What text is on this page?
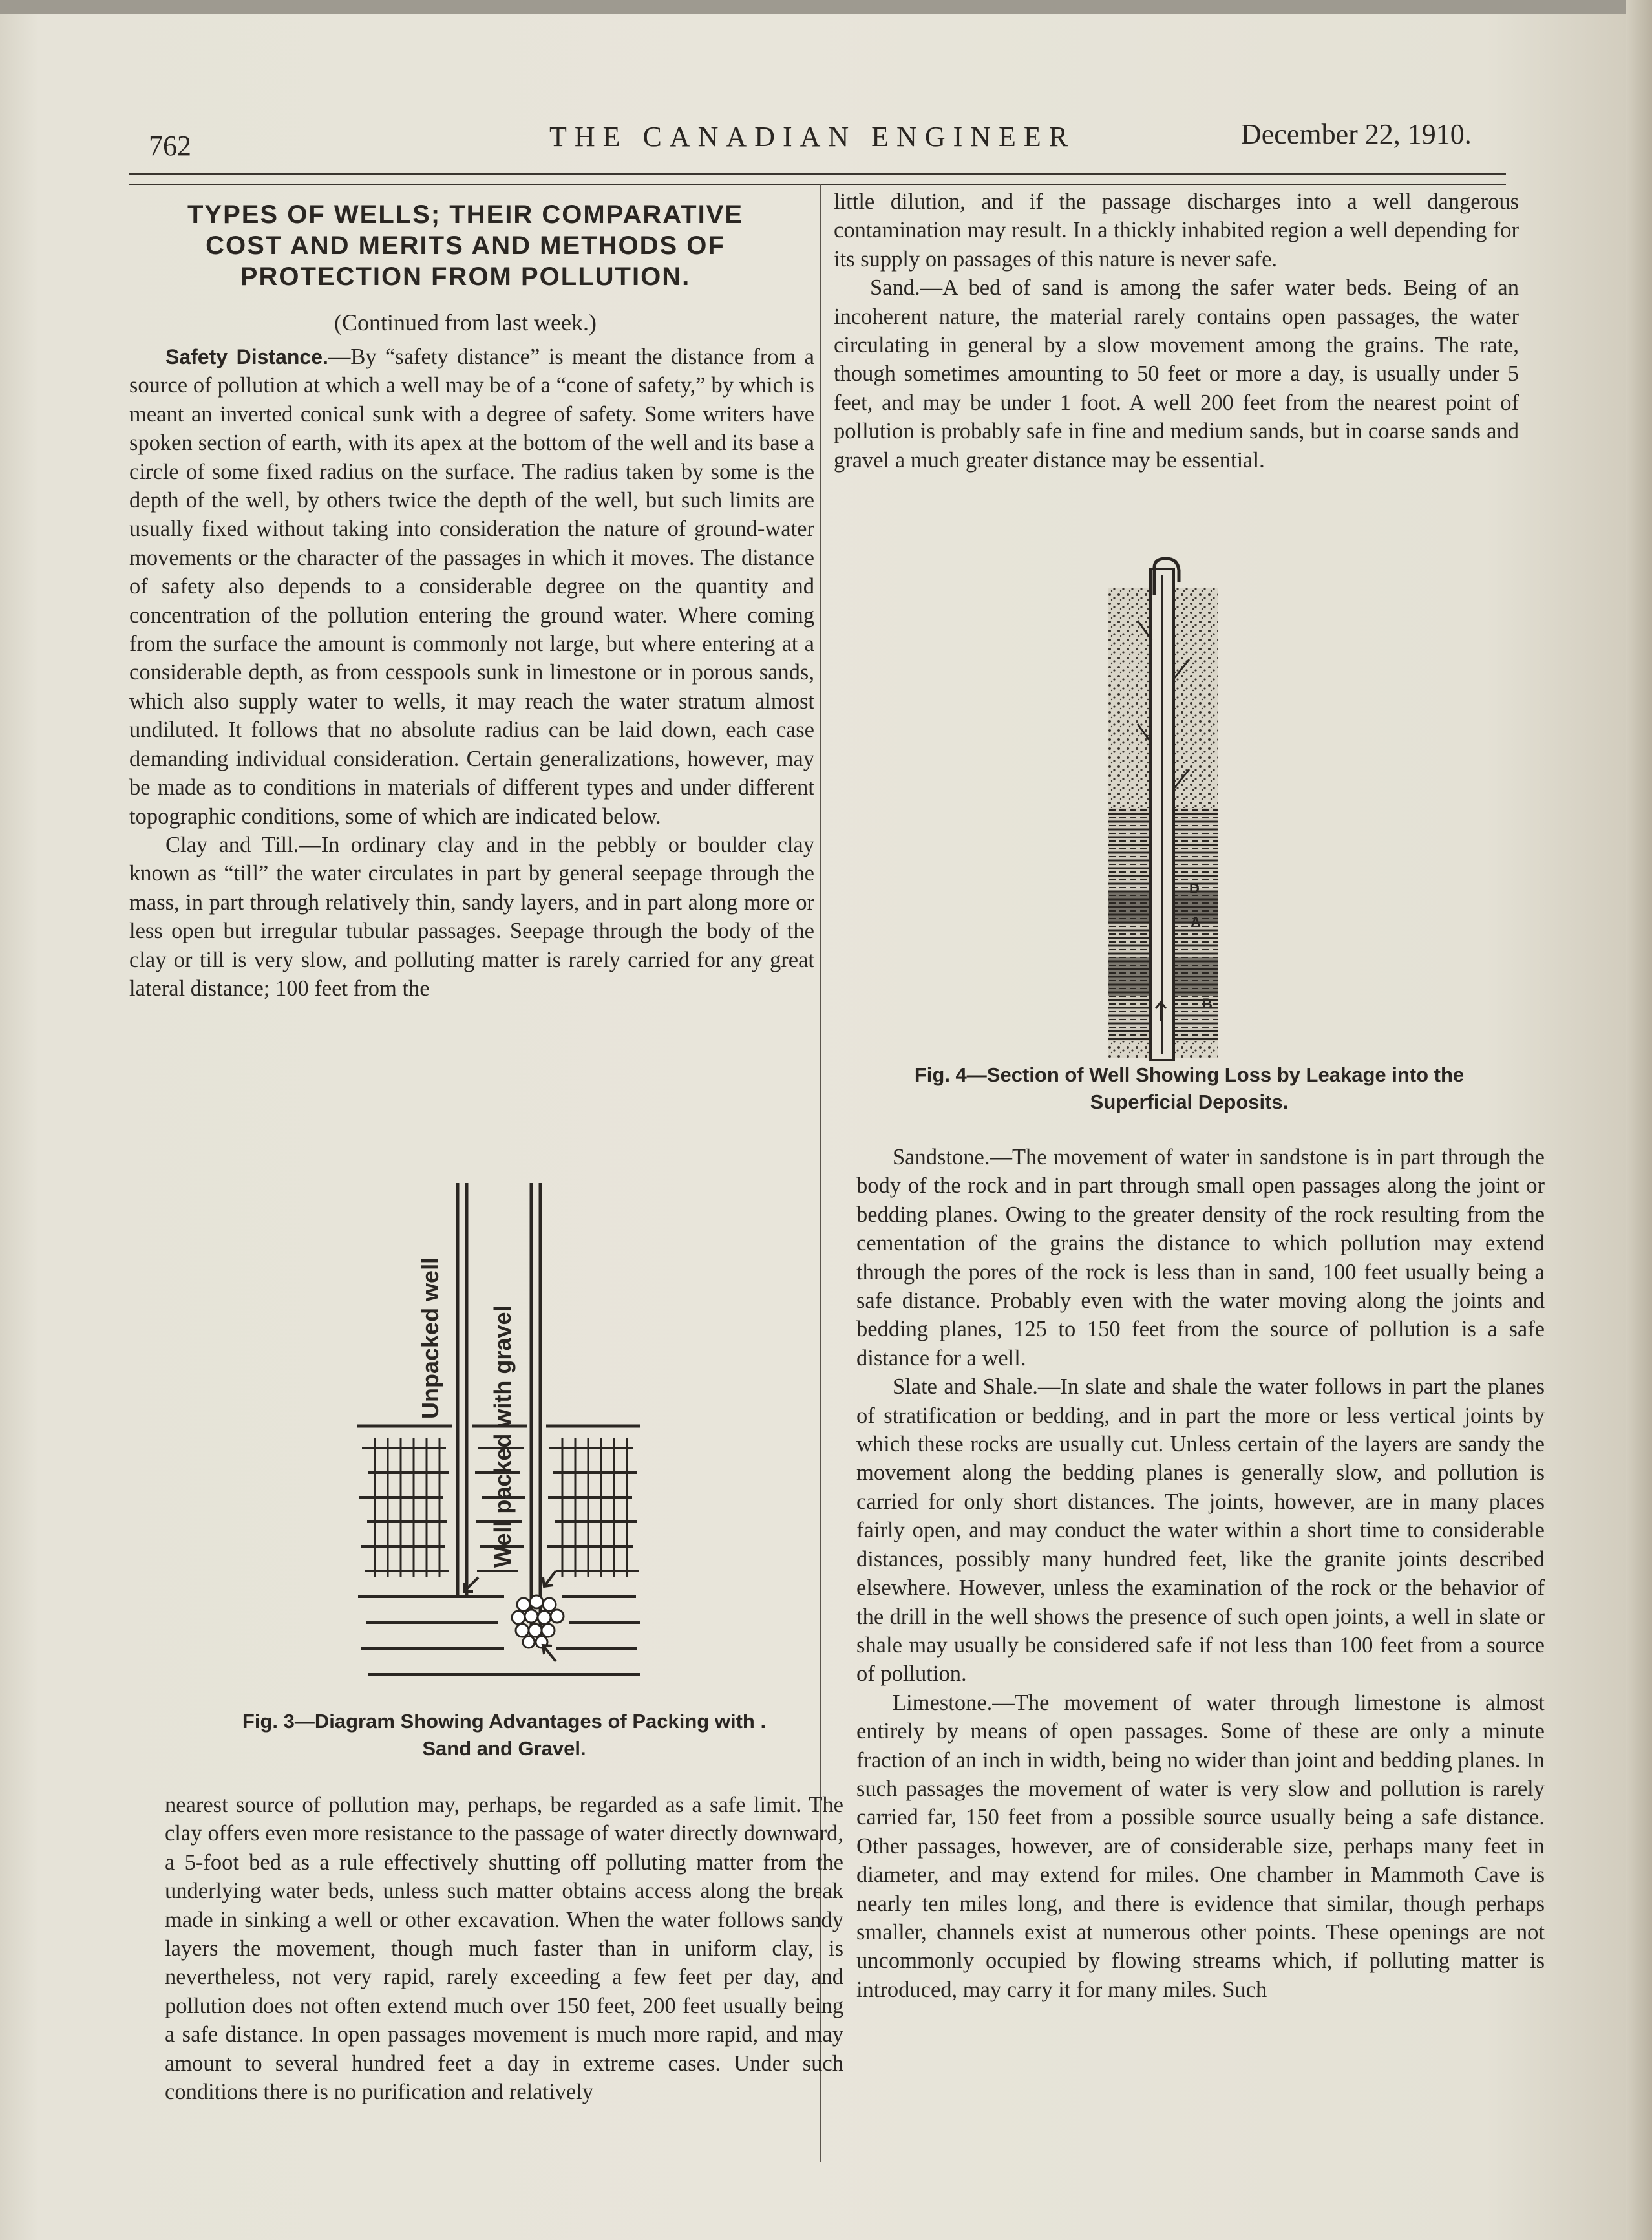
762	THE CANADIAN ENGINEER	December 22, 1910.
TYPES OF WELLS; THEIR COMPARATIVE
COST AND MERITS AND METHODS OF
PROTECTION FROM POLLUTION.
(Continued from last week.)

Safety Distance.—By “safety distance” is meant the distance from a source of pollution at which a well may be of a “cone of safety,” by which is meant an inverted conical sunk with a degree of safety. Some writers have spoken section of earth, with its apex at the bottom of the well and its base a circle of some fixed radius on the surface. The radius taken by some is the depth of the well, by others twice the depth of the well, but such limits are usually fixed without taking into consideration the nature of ground-water movements or the character of the passages in which it moves. The distance of safety also depends to a considerable degree on the quantity and concentration of the pollution entering the ground water. Where coming from the surface the amount is commonly not large, but where entering at a considerable depth, as from cesspools sunk in limestone or in porous sands, which also supply water to wells, it may reach the water stratum almost undiluted. It follows that no absolute radius can be laid down, each case demanding individual consideration. Certain generalizations, however, may be made as to conditions in materials of different types and under different topographic conditions, some of which are indicated below.

Clay and Till.—In ordinary clay and in the pebbly or boulder clay known as “till” the water circulates in part by general seepage through the mass, in part through relatively thin, sandy layers, and in part along more or less open but irregular tubular passages. Seepage through the body of the clay or till is very slow, and polluting matter is rarely carried for any great lateral distance; 100 feet from the

Unpacked well Well packed with gravel
Fig. 3—Diagram Showing Advantages of Packing with .
Sand and Gravel.

nearest source of pollution may, perhaps, be regarded as a safe limit. The clay offers even more resistance to the passage of water directly downward, a 5-foot bed as a rule effectively shutting off polluting matter from the underlying water beds, unless such matter obtains access along the break made in sinking a well or other excavation. When the water follows sandy layers the movement, though much faster than in uniform clay, is nevertheless, not very rapid, rarely exceeding a few feet per day, and pollution does not often extend much over 150 feet, 200 feet usually being a safe distance. In open passages movement is much more rapid, and may amount to several hundred feet a day in extreme cases. Under such conditions there is no purification and relatively

little dilution, and if the passage discharges into a well dangerous contamination may result. In a thickly inhabited region a well depending for its supply on passages of this nature is never safe.

Sand.—A bed of sand is among the safer water beds. Being of an incoherent nature, the material rarely contains open passages, the water circulating in general by a slow movement among the grains. The rate, though sometimes amounting to 50 feet or more a day, is usually under 5 feet, and may be under 1 foot. A well 200 feet from the nearest point of pollution is probably safe in fine and medium sands, but in coarse sands and gravel a much greater distance may be essential.

D
A
B
Fig. 4—Section of Well Showing Loss by Leakage into the
Superficial Deposits.

Sandstone.—The movement of water in sandstone is in part through the body of the rock and in part through small open passages along the joint or bedding planes. Owing to the greater density of the rock resulting from the cementation of the grains the distance to which pollution may extend through the pores of the rock is less than in sand, 100 feet usually being a safe distance. Probably even with the water moving along the joints and bedding planes, 125 to 150 feet from the source of pollution is a safe distance for a well.

Slate and Shale.—In slate and shale the water follows in part the planes of stratification or bedding, and in part the more or less vertical joints by which these rocks are usually cut. Unless certain of the layers are sandy the movement along the bedding planes is generally slow, and pollution is carried for only short distances. The joints, however, are in many places fairly open, and may conduct the water within a short time to considerable distances, possibly many hundred feet, like the granite joints described elsewhere. However, unless the examination of the rock or the behavior of the drill in the well shows the presence of such open joints, a well in slate or shale may usually be considered safe if not less than 100 feet from a source of pollution.

Limestone.—The movement of water through limestone is almost entirely by means of open passages. Some of these are only a minute fraction of an inch in width, being no wider than joint and bedding planes. In such passages the movement of water is very slow and pollution is rarely carried far, 150 feet from a possible source usually being a safe distance. Other passages, however, are of considerable size, perhaps many feet in diameter, and may extend for miles. One chamber in Mammoth Cave is nearly ten miles long, and there is evidence that similar, though perhaps smaller, channels exist at numerous other points. These openings are not uncommonly occupied by flowing streams which, if polluting matter is introduced, may carry it for many miles. Such
